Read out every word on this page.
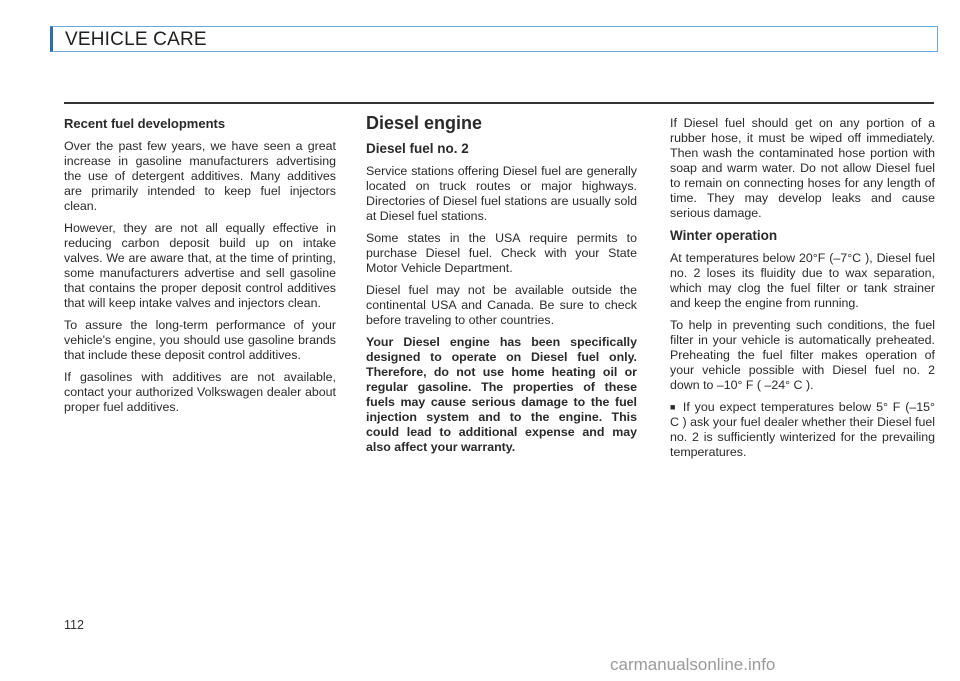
VEHICLE CARE
Recent fuel developments

Over the past few years, we have seen a great increase in gasoline manufacturers advertising the use of detergent additives. Many additives are primarily intended to keep fuel injectors clean.

However, they are not all equally effective in reducing carbon deposit build up on intake valves. We are aware that, at the time of printing, some manufacturers advertise and sell gasoline that contains the proper deposit control additives that will keep intake valves and injectors clean.

To assure the long-term performance of your vehicle's engine, you should use gasoline brands that include these deposit control additives.

If gasolines with additives are not available, contact your authorized Volkswagen dealer about proper fuel additives.

Diesel engine
Diesel fuel no. 2

Service stations offering Diesel fuel are generally located on truck routes or major highways. Directories of Diesel fuel stations are usually sold at Diesel fuel stations.

Some states in the USA require permits to purchase Diesel fuel. Check with your State Motor Vehicle Department.

Diesel fuel may not be available outside the continental USA and Canada. Be sure to check before traveling to other countries.

Your Diesel engine has been specifically designed to operate on Diesel fuel only. Therefore, do not use home heating oil or regular gasoline. The properties of these fuels may cause serious damage to the fuel injection system and to the engine. This could lead to additional expense and may also affect your warranty.

If Diesel fuel should get on any portion of a rubber hose, it must be wiped off immediately. Then wash the contaminated hose portion with soap and warm water. Do not allow Diesel fuel to remain on connecting hoses for any length of time. They may develop leaks and cause serious damage.

Winter operation

At temperatures below 20°F (–7°C ), Diesel fuel no. 2 loses its fluidity due to wax separation, which may clog the fuel filter or tank strainer and keep the engine from running.

To help in preventing such conditions, the fuel filter in your vehicle is automatically preheated. Preheating the fuel filter makes operation of your vehicle possible with Diesel fuel no. 2 down to –10° F ( –24° C ).

■ If you expect temperatures below 5° F (–15° C ) ask your fuel dealer whether their Diesel fuel no. 2 is sufficiently winterized for the prevailing temperatures.

112
carmanualsonline.info
